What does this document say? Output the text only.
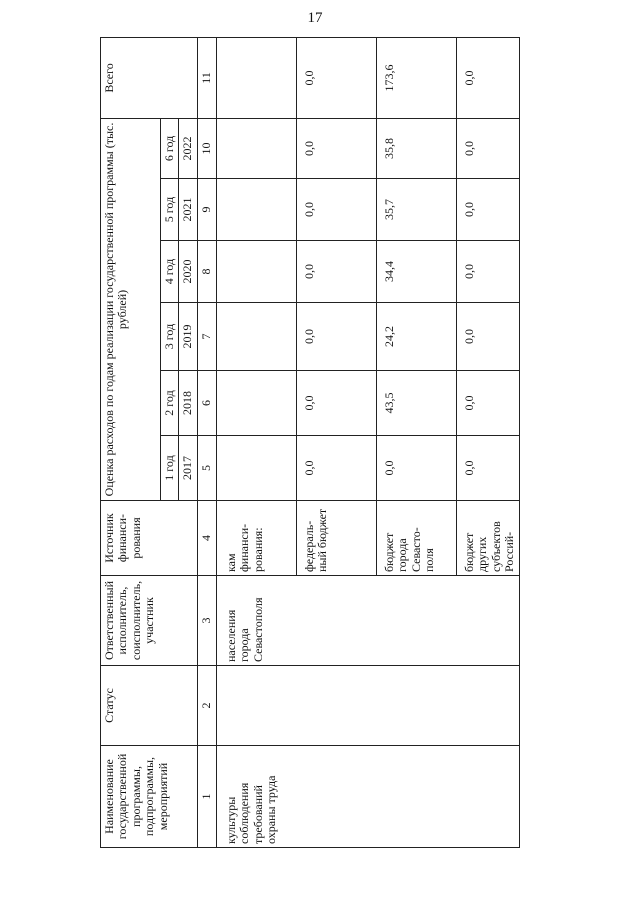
17
Наименование государственной программы, подпрограммы, мероприятий	Статус	Ответственный исполнитель, соисполнитель, участник	Источник финанси-рования	Оценка расходов по годам реализации государственной программы (тыс. рублей)						Всего
				1 год	2 год	3 год	4 год	5 год	6 год	
				2017	2018	2019	2020	2021	2022	
1	2	3	4	5	6	7	8	9	10	11
культуры соблюдения требований охраны труда		населения города Севастополя	кам финанси-рования:							
			федераль-ный бюджет	0,0	0,0	0,0	0,0	0,0	0,0	0,0
			бюджет города Севасто-поля	0,0	43,5	24,2	34,4	35,7	35,8	173,6
			бюджет других субъектов Россий-	0,0	0,0	0,0	0,0	0,0	0,0	0,0
